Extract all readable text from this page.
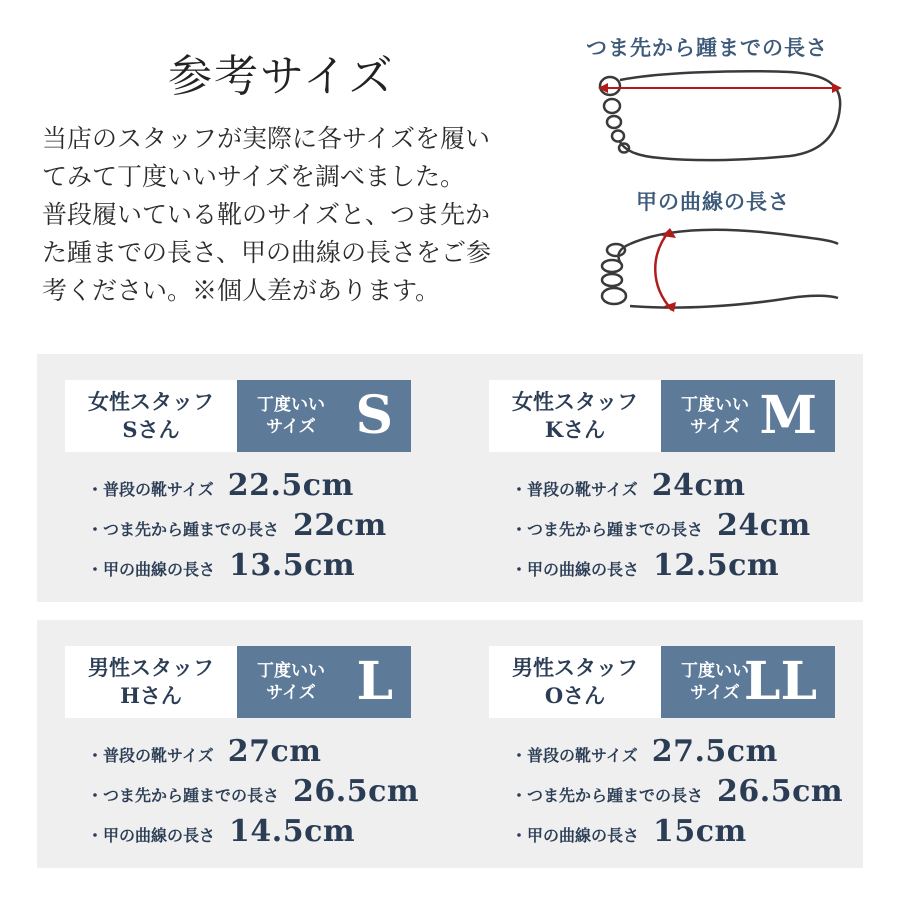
参考サイズ
当店のスタッフが実際に各サイズを履い
てみて丁度いいサイズを調べました。
普段履いている靴のサイズと、つま先か
た踵までの長さ、甲の曲線の長さをご参
考ください。※個人差があります。
つま先から踵までの長さ
甲の曲線の長さ
女性スタッフ
Sさん
丁度いい
サイズ S
・普段の靴サイズ 22.5cm
・つま先から踵までの長さ 22cm
・甲の曲線の長さ 13.5cm
女性スタッフ
Kさん
丁度いい
サイズ M
・普段の靴サイズ 24cm
・つま先から踵までの長さ 24cm
・甲の曲線の長さ 12.5cm
男性スタッフ
Hさん
丁度いい
サイズ L
・普段の靴サイズ 27cm
・つま先から踵までの長さ 26.5cm
・甲の曲線の長さ 14.5cm
男性スタッフ
Oさん
丁度いい
サイズ LL
・普段の靴サイズ 27.5cm
・つま先から踵までの長さ 26.5cm
・甲の曲線の長さ 15cm
